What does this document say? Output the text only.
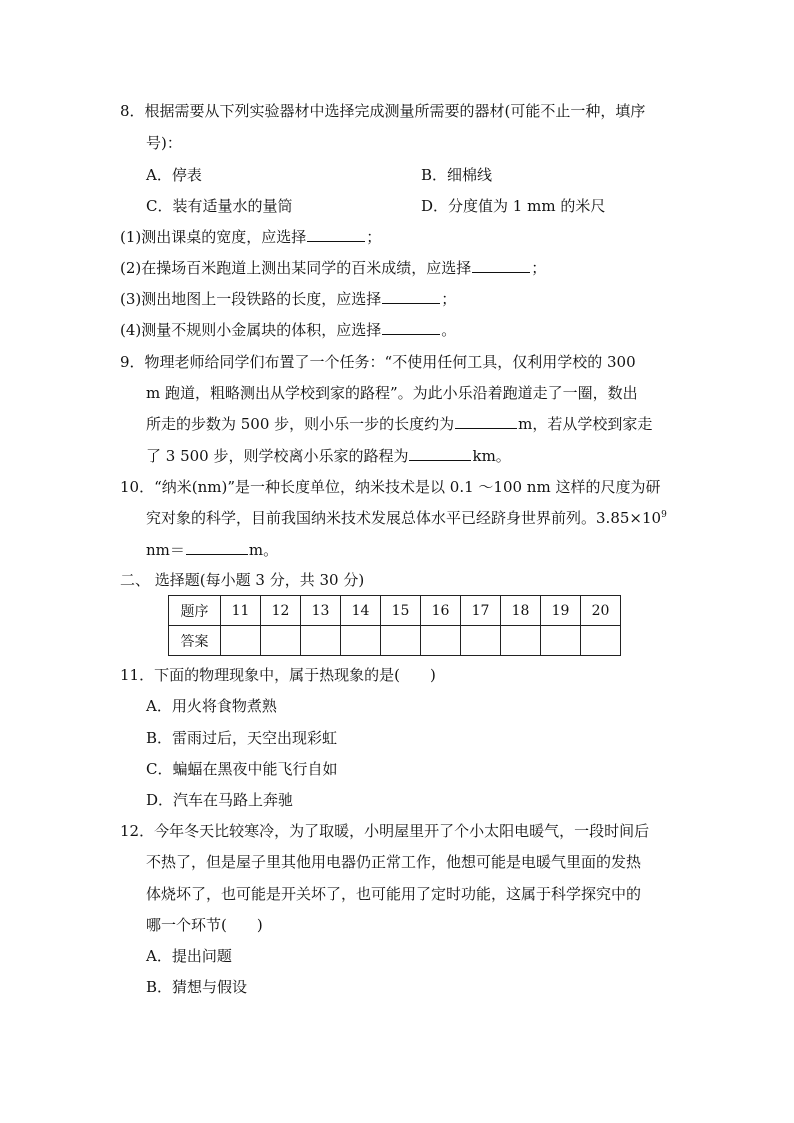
8．根据需要从下列实验器材中选择完成测量所需要的器材(可能不止一种，填序
号)：
A．停表	B．细棉线
C．装有适量水的量筒	D．分度值为 1 mm 的米尺
(1)测出课桌的宽度，应选择	；
(2)在操场百米跑道上测出某同学的百米成绩，应选择	；
(3)测出地图上一段铁路的长度，应选择	；
(4)测量不规则小金属块的体积，应选择	。
9．物理老师给同学们布置了一个任务：“不使用任何工具，仅利用学校的 300
m 跑道，粗略测出从学校到家的路程”。为此小乐沿着跑道走了一圈，数出
所走的步数为 500 步，则小乐一步的长度约为	m，若从学校到家走
了 3 500 步，则学校离小乐家的路程为	km。
10．“纳米(nm)”是一种长度单位，纳米技术是以 0.1 ～100 nm 这样的尺度为研
究对象的科学，目前我国纳米技术发展总体水平已经跻身世界前列。$3.85\times 10^9$
nm＝	m。
二、 选择题(每小题 3 分，共 30 分)
题序	11	12	13	14	15	16	17	18	19	20
答案										
11．下面的物理现象中，属于热现象的是(　　)
A．用火将食物煮熟
B．雷雨过后，天空出现彩虹
C．蝙蝠在黑夜中能飞行自如
D．汽车在马路上奔驰
12．今年冬天比较寒冷，为了取暖，小明屋里开了个小太阳电暖气，一段时间后
不热了，但是屋子里其他用电器仍正常工作，他想可能是电暖气里面的发热
体烧坏了，也可能是开关坏了，也可能用了定时功能，这属于科学探究中的
哪一个环节(　　)
A．提出问题
B．猜想与假设
